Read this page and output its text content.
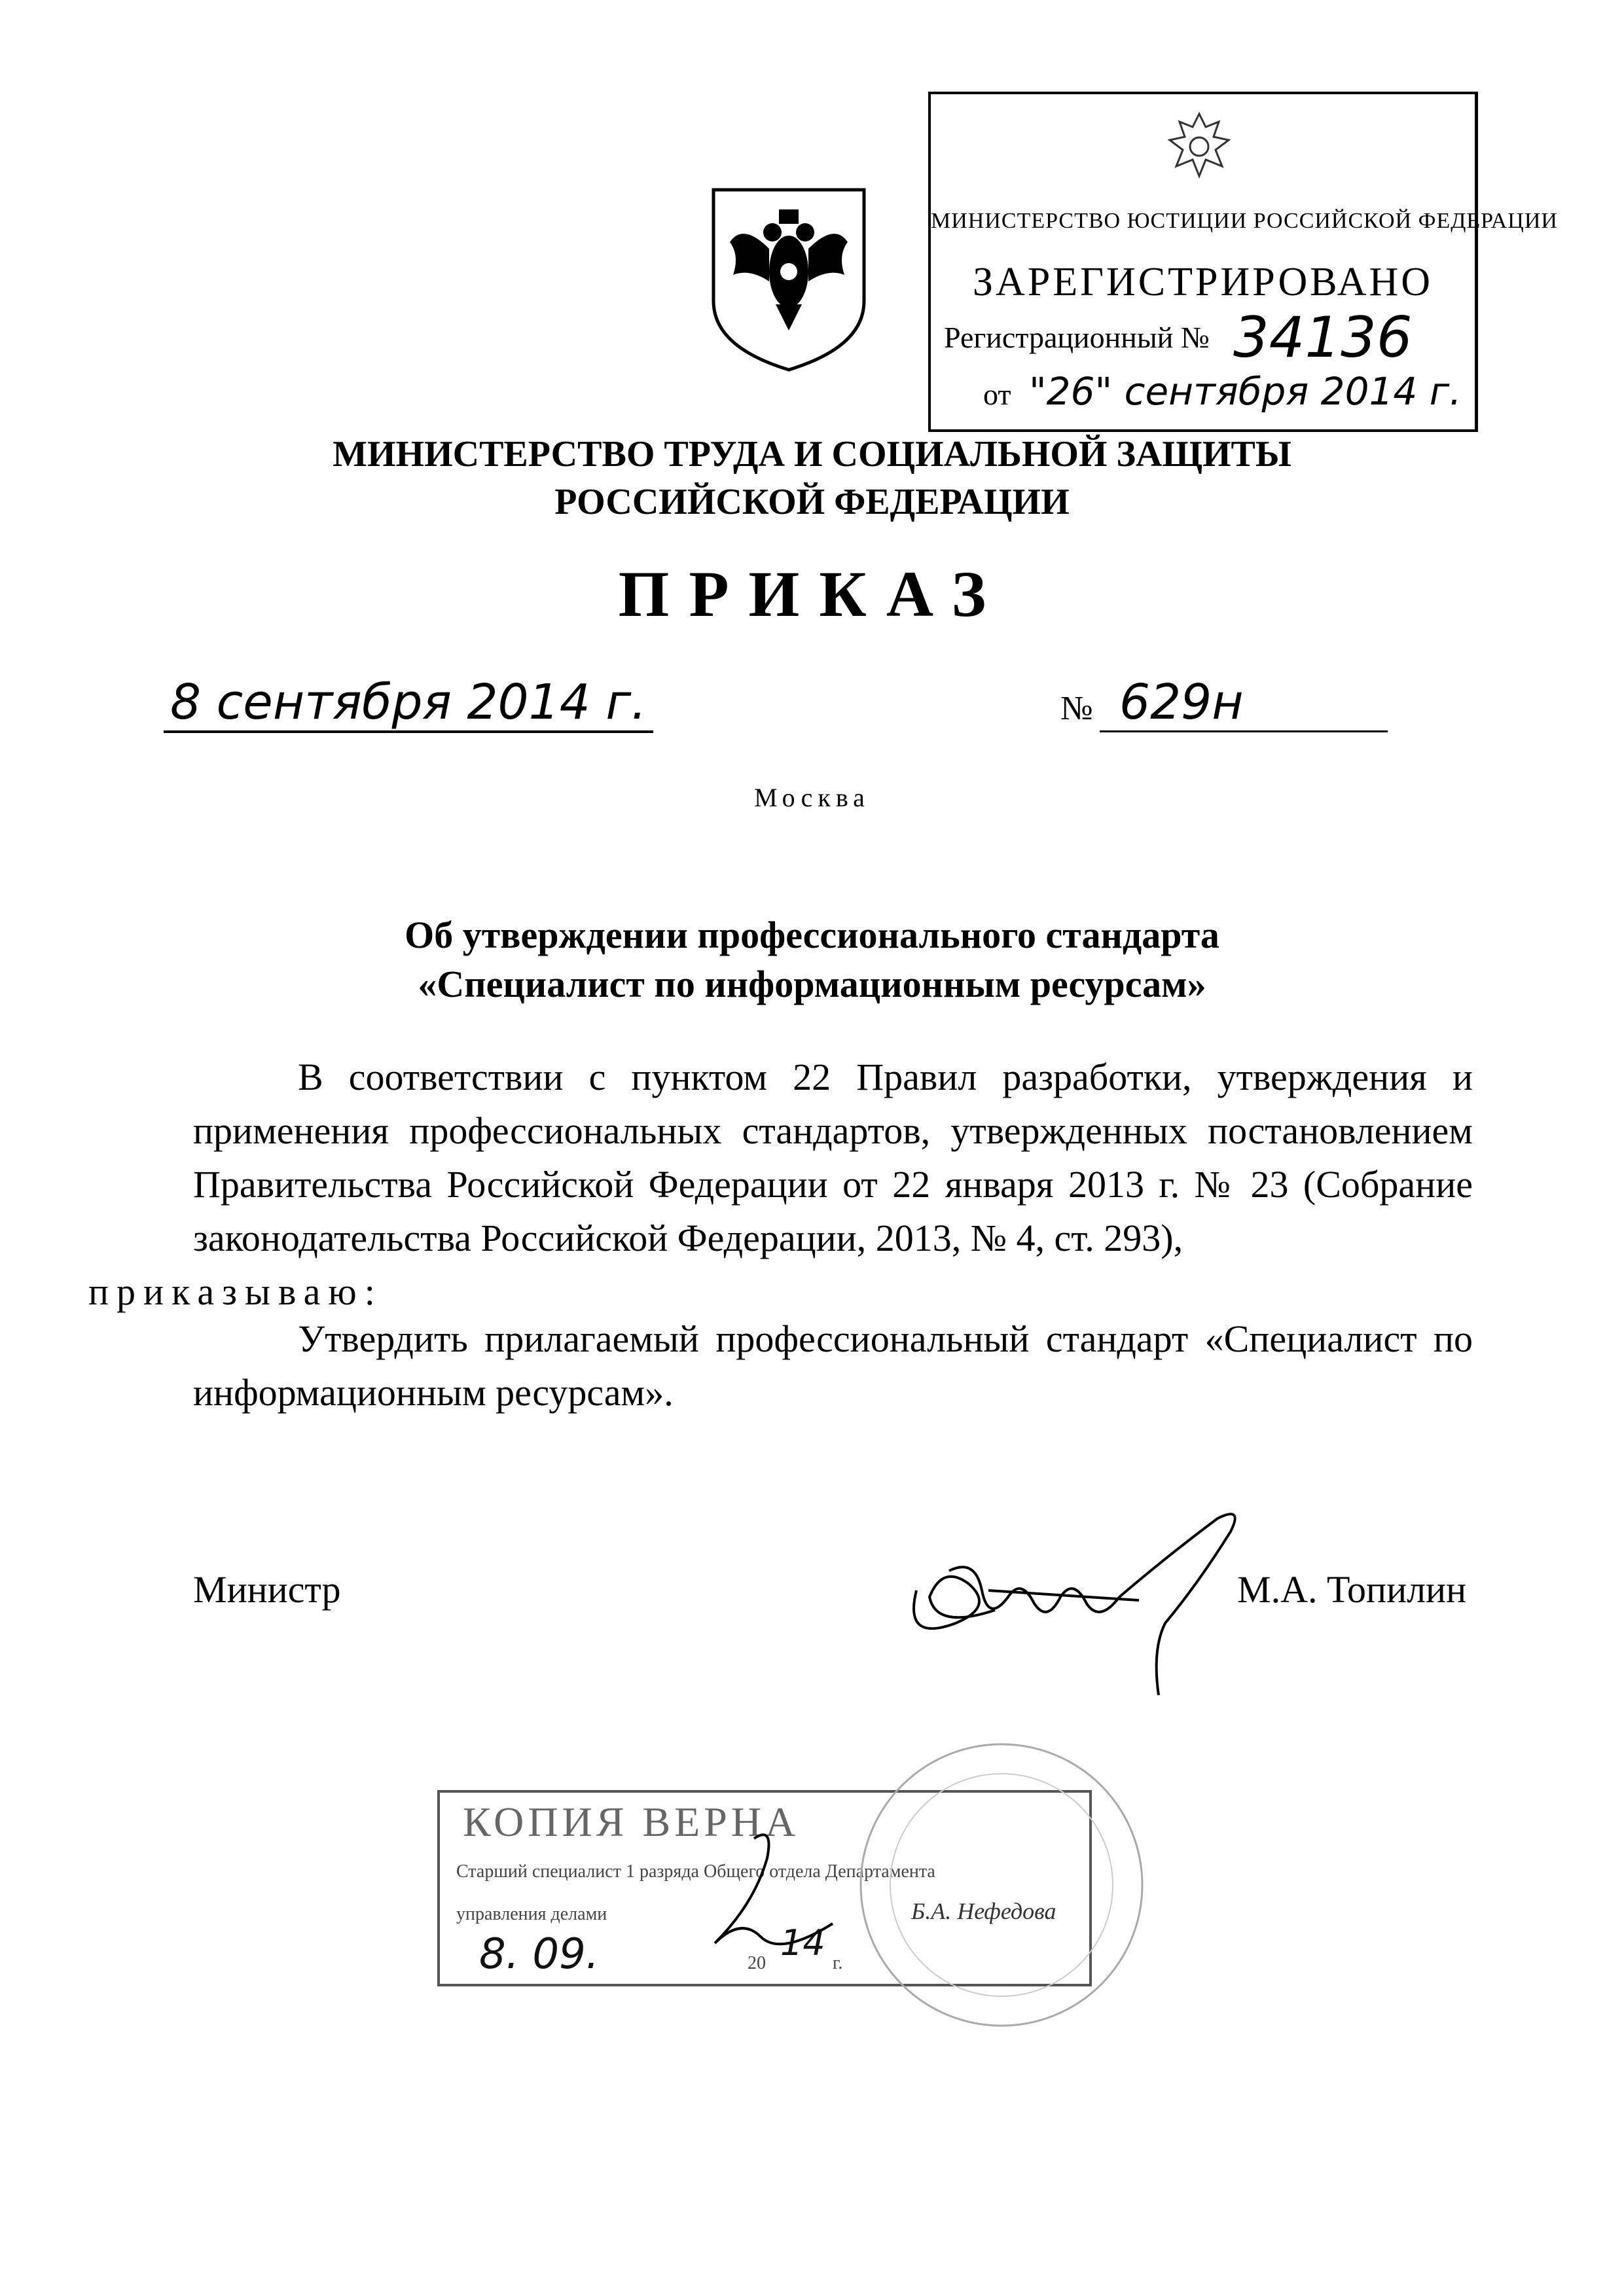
МИНИСТЕРСТВО ЮСТИЦИИ РОССИЙСКОЙ ФЕДЕРАЦИИ
ЗАРЕГИСТРИРОВАНО
Регистрационный № 34136
от "26" сентября 2014 г.
МИНИСТЕРСТВО ТРУДА И СОЦИАЛЬНОЙ ЗАЩИТЫ
РОССИЙСКОЙ ФЕДЕРАЦИИ
ПРИКАЗ
8 сентября 2014 г.	№ 629н
Москва
Об утверждении профессионального стандарта
«Специалист по информационным ресурсам»
В соответствии с пунктом 22 Правил разработки, утверждения и применения профессиональных стандартов, утвержденных постановлением Правительства Российской Федерации от 22 января 2013 г. № 23 (Собрание законодательства Российской Федерации, 2013, № 4, ст. 293),
приказываю:
Утвердить прилагаемый профессиональный стандарт «Специалист по информационным ресурсам».
Министр	М.А. Топилин
КОПИЯ ВЕРНА
Старший специалист 1 разряда Общего отдела Департамента
управления делами	Б.А. Нефедова
8. 09.	20 14 г.
